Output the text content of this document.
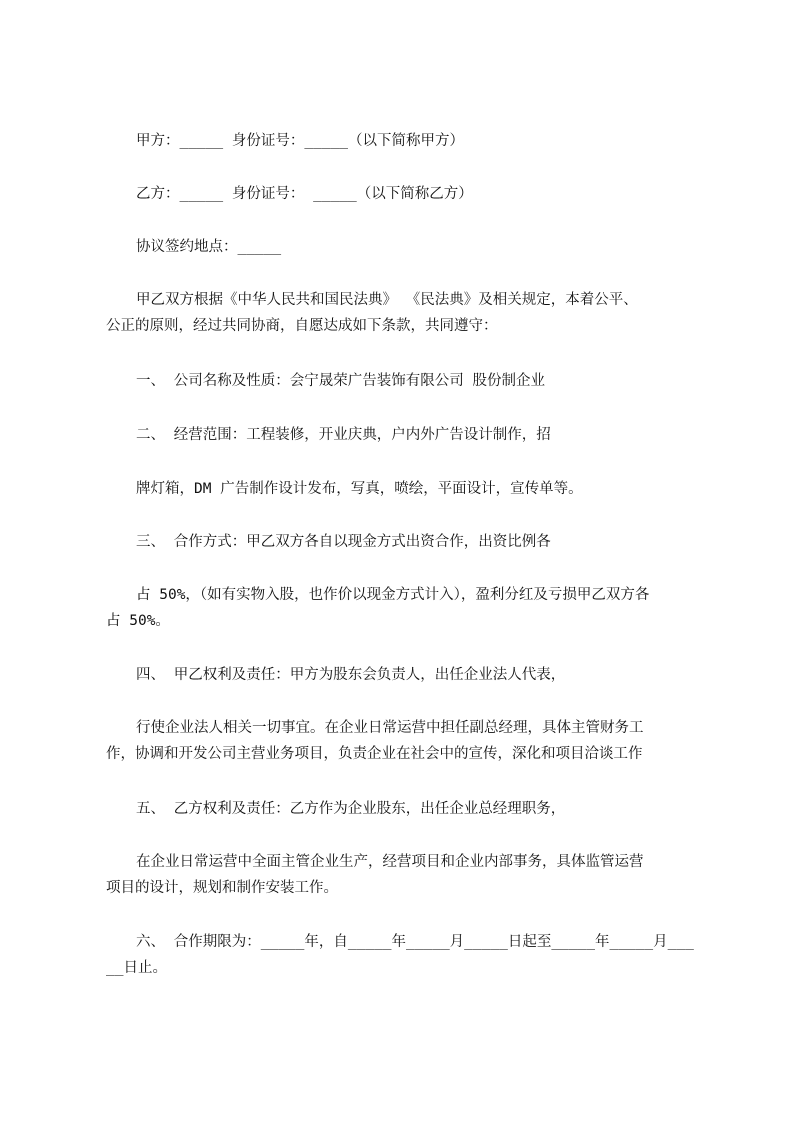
甲方：_____ 身份证号：_____（以下简称甲方）
乙方：_____ 身份证号： _____（以下简称乙方）
协议签约地点：_____
甲乙双方根据《中华人民共和国民法典》 《民法典》及相关规定，本着公平、
公正的原则，经过共同协商，自愿达成如下条款，共同遵守：
一、 公司名称及性质：会宁晟荣广告装饰有限公司 股份制企业
二、 经营范围：工程装修，开业庆典，户内外广告设计制作，招
牌灯箱，DM 广告制作设计发布，写真，喷绘，平面设计，宣传单等。
三、 合作方式：甲乙双方各自以现金方式出资合作，出资比例各
占 50%，（如有实物入股，也作价以现金方式计入），盈利分红及亏损甲乙双方各
占 50%。
四、 甲乙权利及责任：甲方为股东会负责人，出任企业法人代表，
行使企业法人相关一切事宜。在企业日常运营中担任副总经理，具体主管财务工
作，协调和开发公司主营业务项目，负责企业在社会中的宣传，深化和项目洽谈工作
五、 乙方权利及责任：乙方作为企业股东，出任企业总经理职务，
在企业日常运营中全面主管企业生产，经营项目和企业内部事务，具体监管运营
项目的设计，规划和制作安装工作。
六、 合作期限为：_____年，自_____年_____月_____日起至_____年_____月___
__日止。
